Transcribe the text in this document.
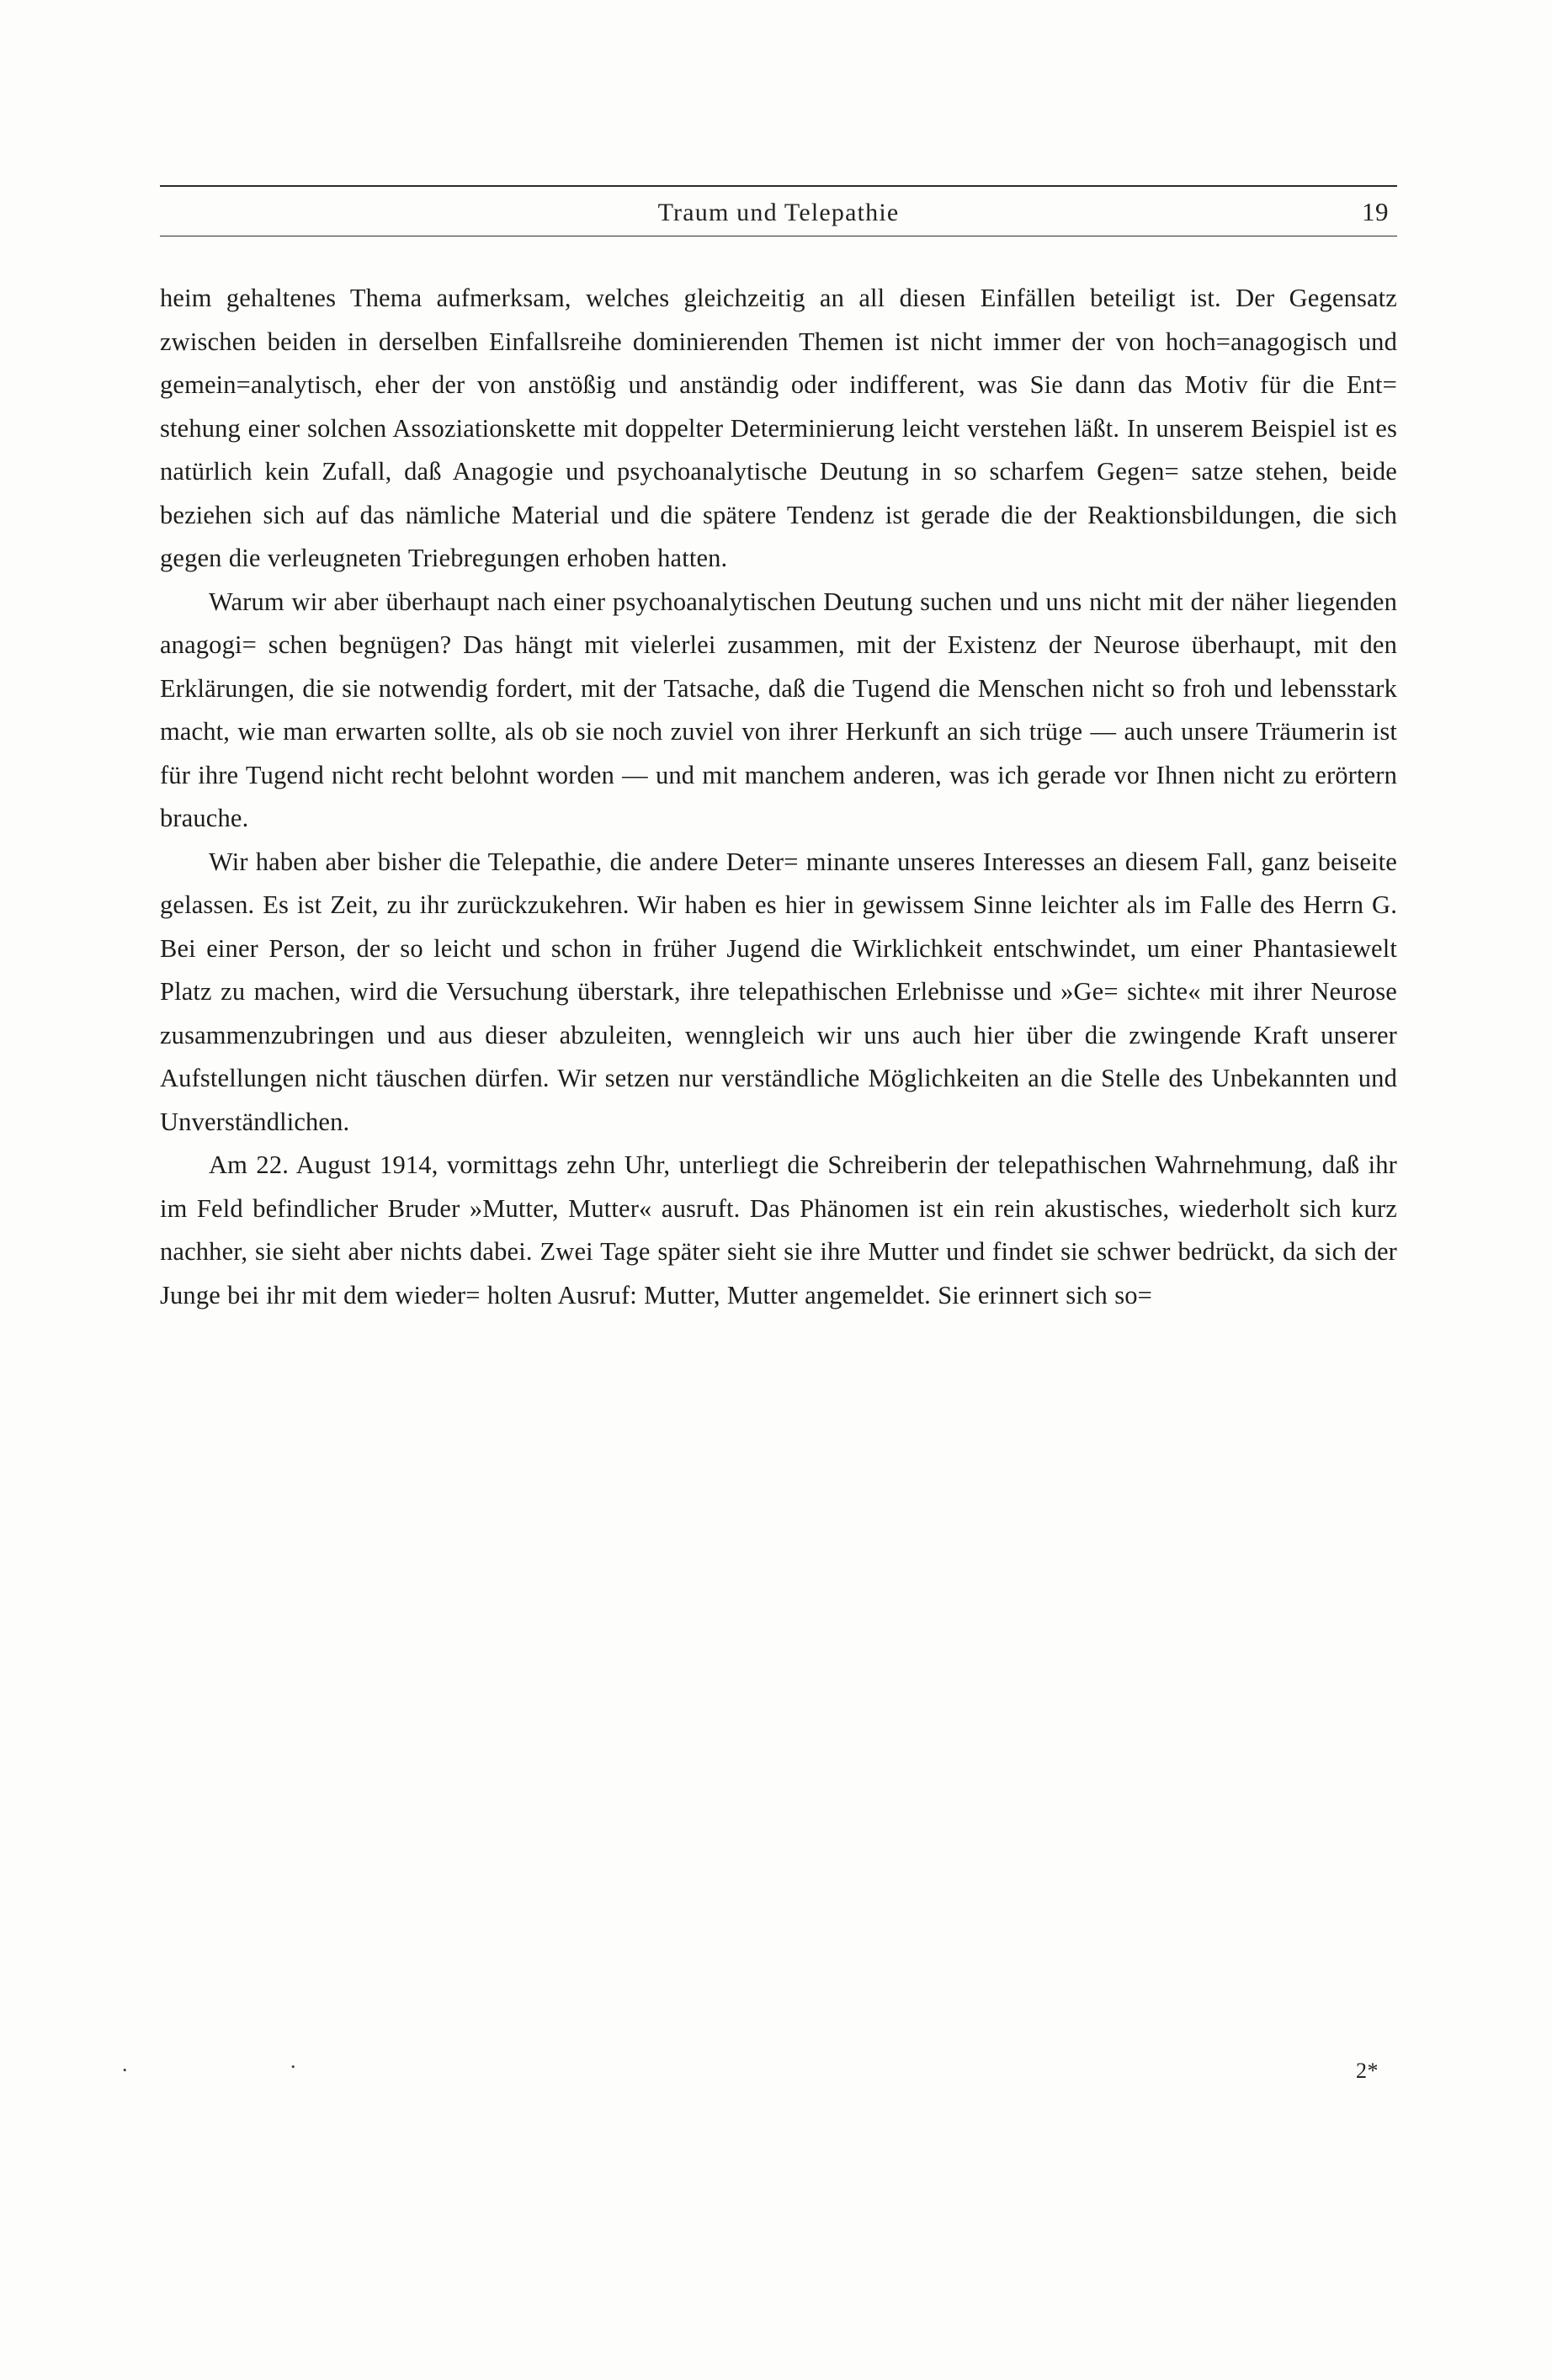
Traum und Telepathie	19

heim gehaltenes Thema aufmerksam, welches gleichzeitig an all diesen Einfällen beteiligt ist. Der Gegensatz zwischen beiden in derselben Einfallsreihe dominierenden Themen ist nicht immer der von hoch=anagogisch und gemein=analytisch, eher der von anstößig und anständig oder indifferent, was Sie dann das Motiv für die Ent= stehung einer solchen Assoziationskette mit doppelter Determinierung leicht verstehen läßt. In unserem Beispiel ist es natürlich kein Zufall, daß Anagogie und psychoanalytische Deutung in so scharfem Gegen= satze stehen, beide beziehen sich auf das nämliche Material und die spätere Tendenz ist gerade die der Reaktionsbildungen, die sich gegen die verleugneten Triebregungen erhoben hatten.

Warum wir aber überhaupt nach einer psychoanalytischen Deutung suchen und uns nicht mit der näher liegenden anagogi= schen begnügen? Das hängt mit vielerlei zusammen, mit der Existenz der Neurose überhaupt, mit den Erklärungen, die sie notwendig fordert, mit der Tatsache, daß die Tugend die Menschen nicht so froh und lebensstark macht, wie man erwarten sollte, als ob sie noch zuviel von ihrer Herkunft an sich trüge — auch unsere Träumerin ist für ihre Tugend nicht recht belohnt worden — und mit manchem anderen, was ich gerade vor Ihnen nicht zu erörtern brauche.

Wir haben aber bisher die Telepathie, die andere Deter= minante unseres Interesses an diesem Fall, ganz beiseite gelassen. Es ist Zeit, zu ihr zurückzukehren. Wir haben es hier in gewissem Sinne leichter als im Falle des Herrn G. Bei einer Person, der so leicht und schon in früher Jugend die Wirklichkeit entschwindet, um einer Phantasiewelt Platz zu machen, wird die Versuchung überstark, ihre telepathischen Erlebnisse und »Ge= sichte« mit ihrer Neurose zusammenzubringen und aus dieser abzuleiten, wenngleich wir uns auch hier über die zwingende Kraft unserer Aufstellungen nicht täuschen dürfen. Wir setzen nur verständliche Möglichkeiten an die Stelle des Unbekannten und Unverständlichen.

Am 22. August 1914, vormittags zehn Uhr, unterliegt die Schreiberin der telepathischen Wahrnehmung, daß ihr im Feld befindlicher Bruder »Mutter, Mutter« ausruft. Das Phänomen ist ein rein akustisches, wiederholt sich kurz nachher, sie sieht aber nichts dabei. Zwei Tage später sieht sie ihre Mutter und findet sie schwer bedrückt, da sich der Junge bei ihr mit dem wieder= holten Ausruf: Mutter, Mutter angemeldet. Sie erinnert sich so=

.	.	2*
